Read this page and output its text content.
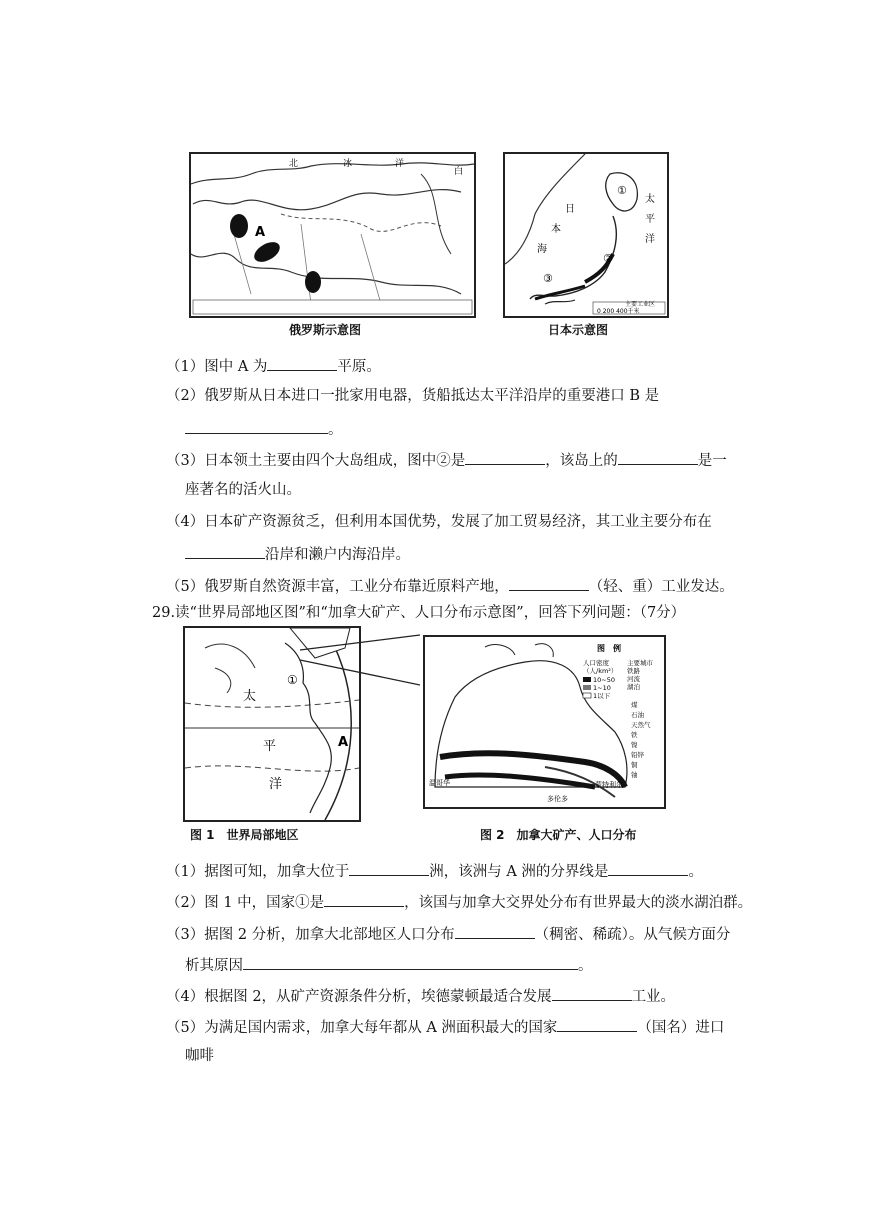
北	冰	洋
白
A
俄罗斯示意图
①
②
③
日
本
海
太
平
洋
主要工业区
0 200 400千米
日本示意图
（1）图中 A 为	平原。
（2）俄罗斯从日本进口一批家用电器，货船抵达太平洋沿岸的重要港口 B 是
。
（3）日本领土主要由四个大岛组成，图中②是	，该岛上的	是一
座著名的活火山。
（4）日本矿产资源贫乏，但利用本国优势，发展了加工贸易经济，其工业主要分布在
沿岸和濑户内海沿岸。
（5）俄罗斯自然资源丰富，工业分布靠近原料产地，	（轻、重）工业发达。
29.读“世界局部地区图”和“加拿大矿产、人口分布示意图”，回答下列问题：（7分）
太
平
洋
A
①
埃德蒙顿
温哥华	蒙特利尔
多伦多
图　例
人口密度
（人/km²）
10~50
1~10
1以下
主要城市
铁路
河流
湖泊
煤
石油
天然气
铁
镍
铅锌
铜
铀
图 1　世界局部地区	图 2　加拿大矿产、人口分布
（1）据图可知，加拿大位于	洲，该洲与 A 洲的分界线是	。
（2）图 1 中，国家①是	，该国与加拿大交界处分布有世界最大的淡水湖泊群。
（3）据图 2 分析，加拿大北部地区人口分布	（稠密、稀疏）。从气候方面分
析其原因	。
（4）根据图 2，从矿产资源条件分析，埃德蒙顿最适合发展	工业。
（5）为满足国内需求，加拿大每年都从 A 洲面积最大的国家	（国名）进口
咖啡
